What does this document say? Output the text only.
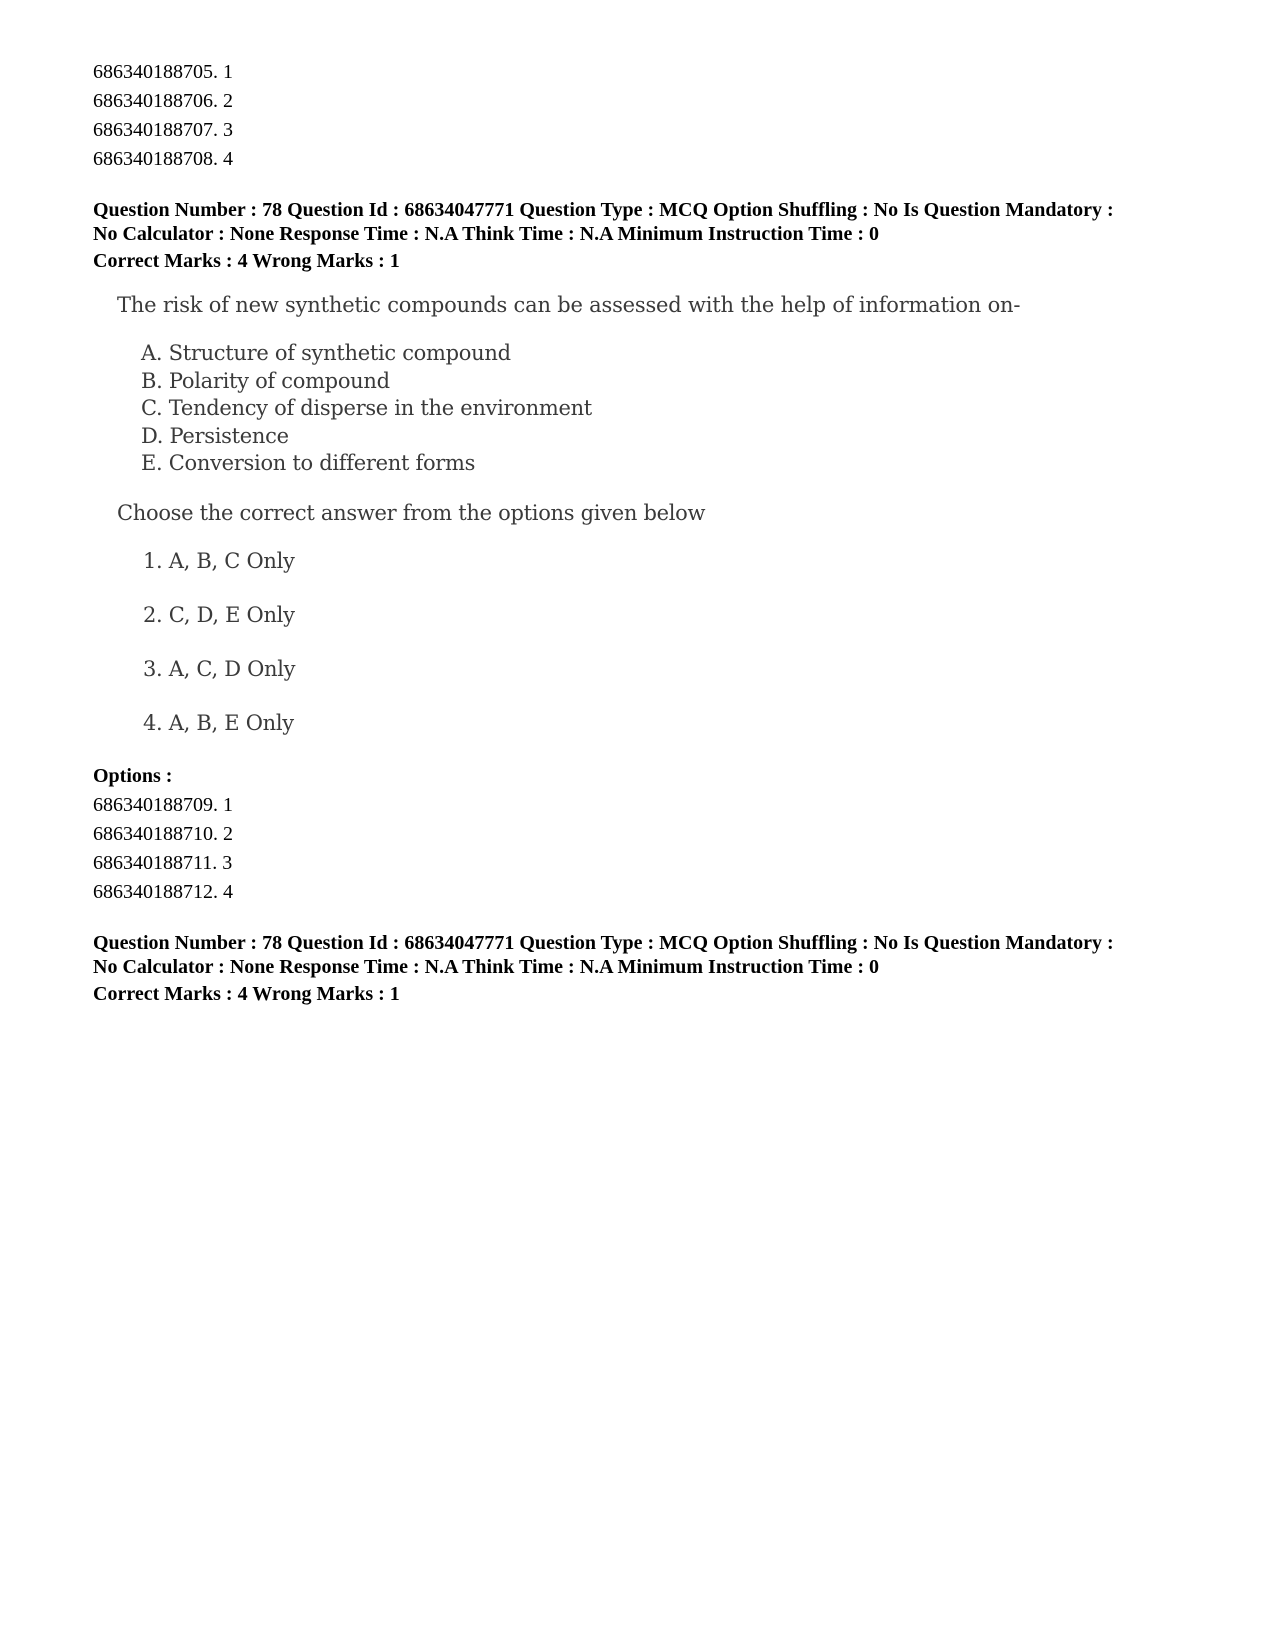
686340188705. 1
686340188706. 2
686340188707. 3
686340188708. 4
Question Number : 78 Question Id : 68634047771 Question Type : MCQ Option Shuffling : No Is Question Mandatory :
No Calculator : None Response Time : N.A Think Time : N.A Minimum Instruction Time : 0
Correct Marks : 4 Wrong Marks : 1
The risk of new synthetic compounds can be assessed with the help of information on-
A. Structure of synthetic compound
B. Polarity of compound
C. Tendency of disperse in the environment
D. Persistence
E. Conversion to different forms
Choose the correct answer from the options given below
1. A, B, C Only
2. C, D, E Only
3. A, C, D Only
4. A, B, E Only
Options :
686340188709. 1
686340188710. 2
686340188711. 3
686340188712. 4
Question Number : 78 Question Id : 68634047771 Question Type : MCQ Option Shuffling : No Is Question Mandatory :
No Calculator : None Response Time : N.A Think Time : N.A Minimum Instruction Time : 0
Correct Marks : 4 Wrong Marks : 1
